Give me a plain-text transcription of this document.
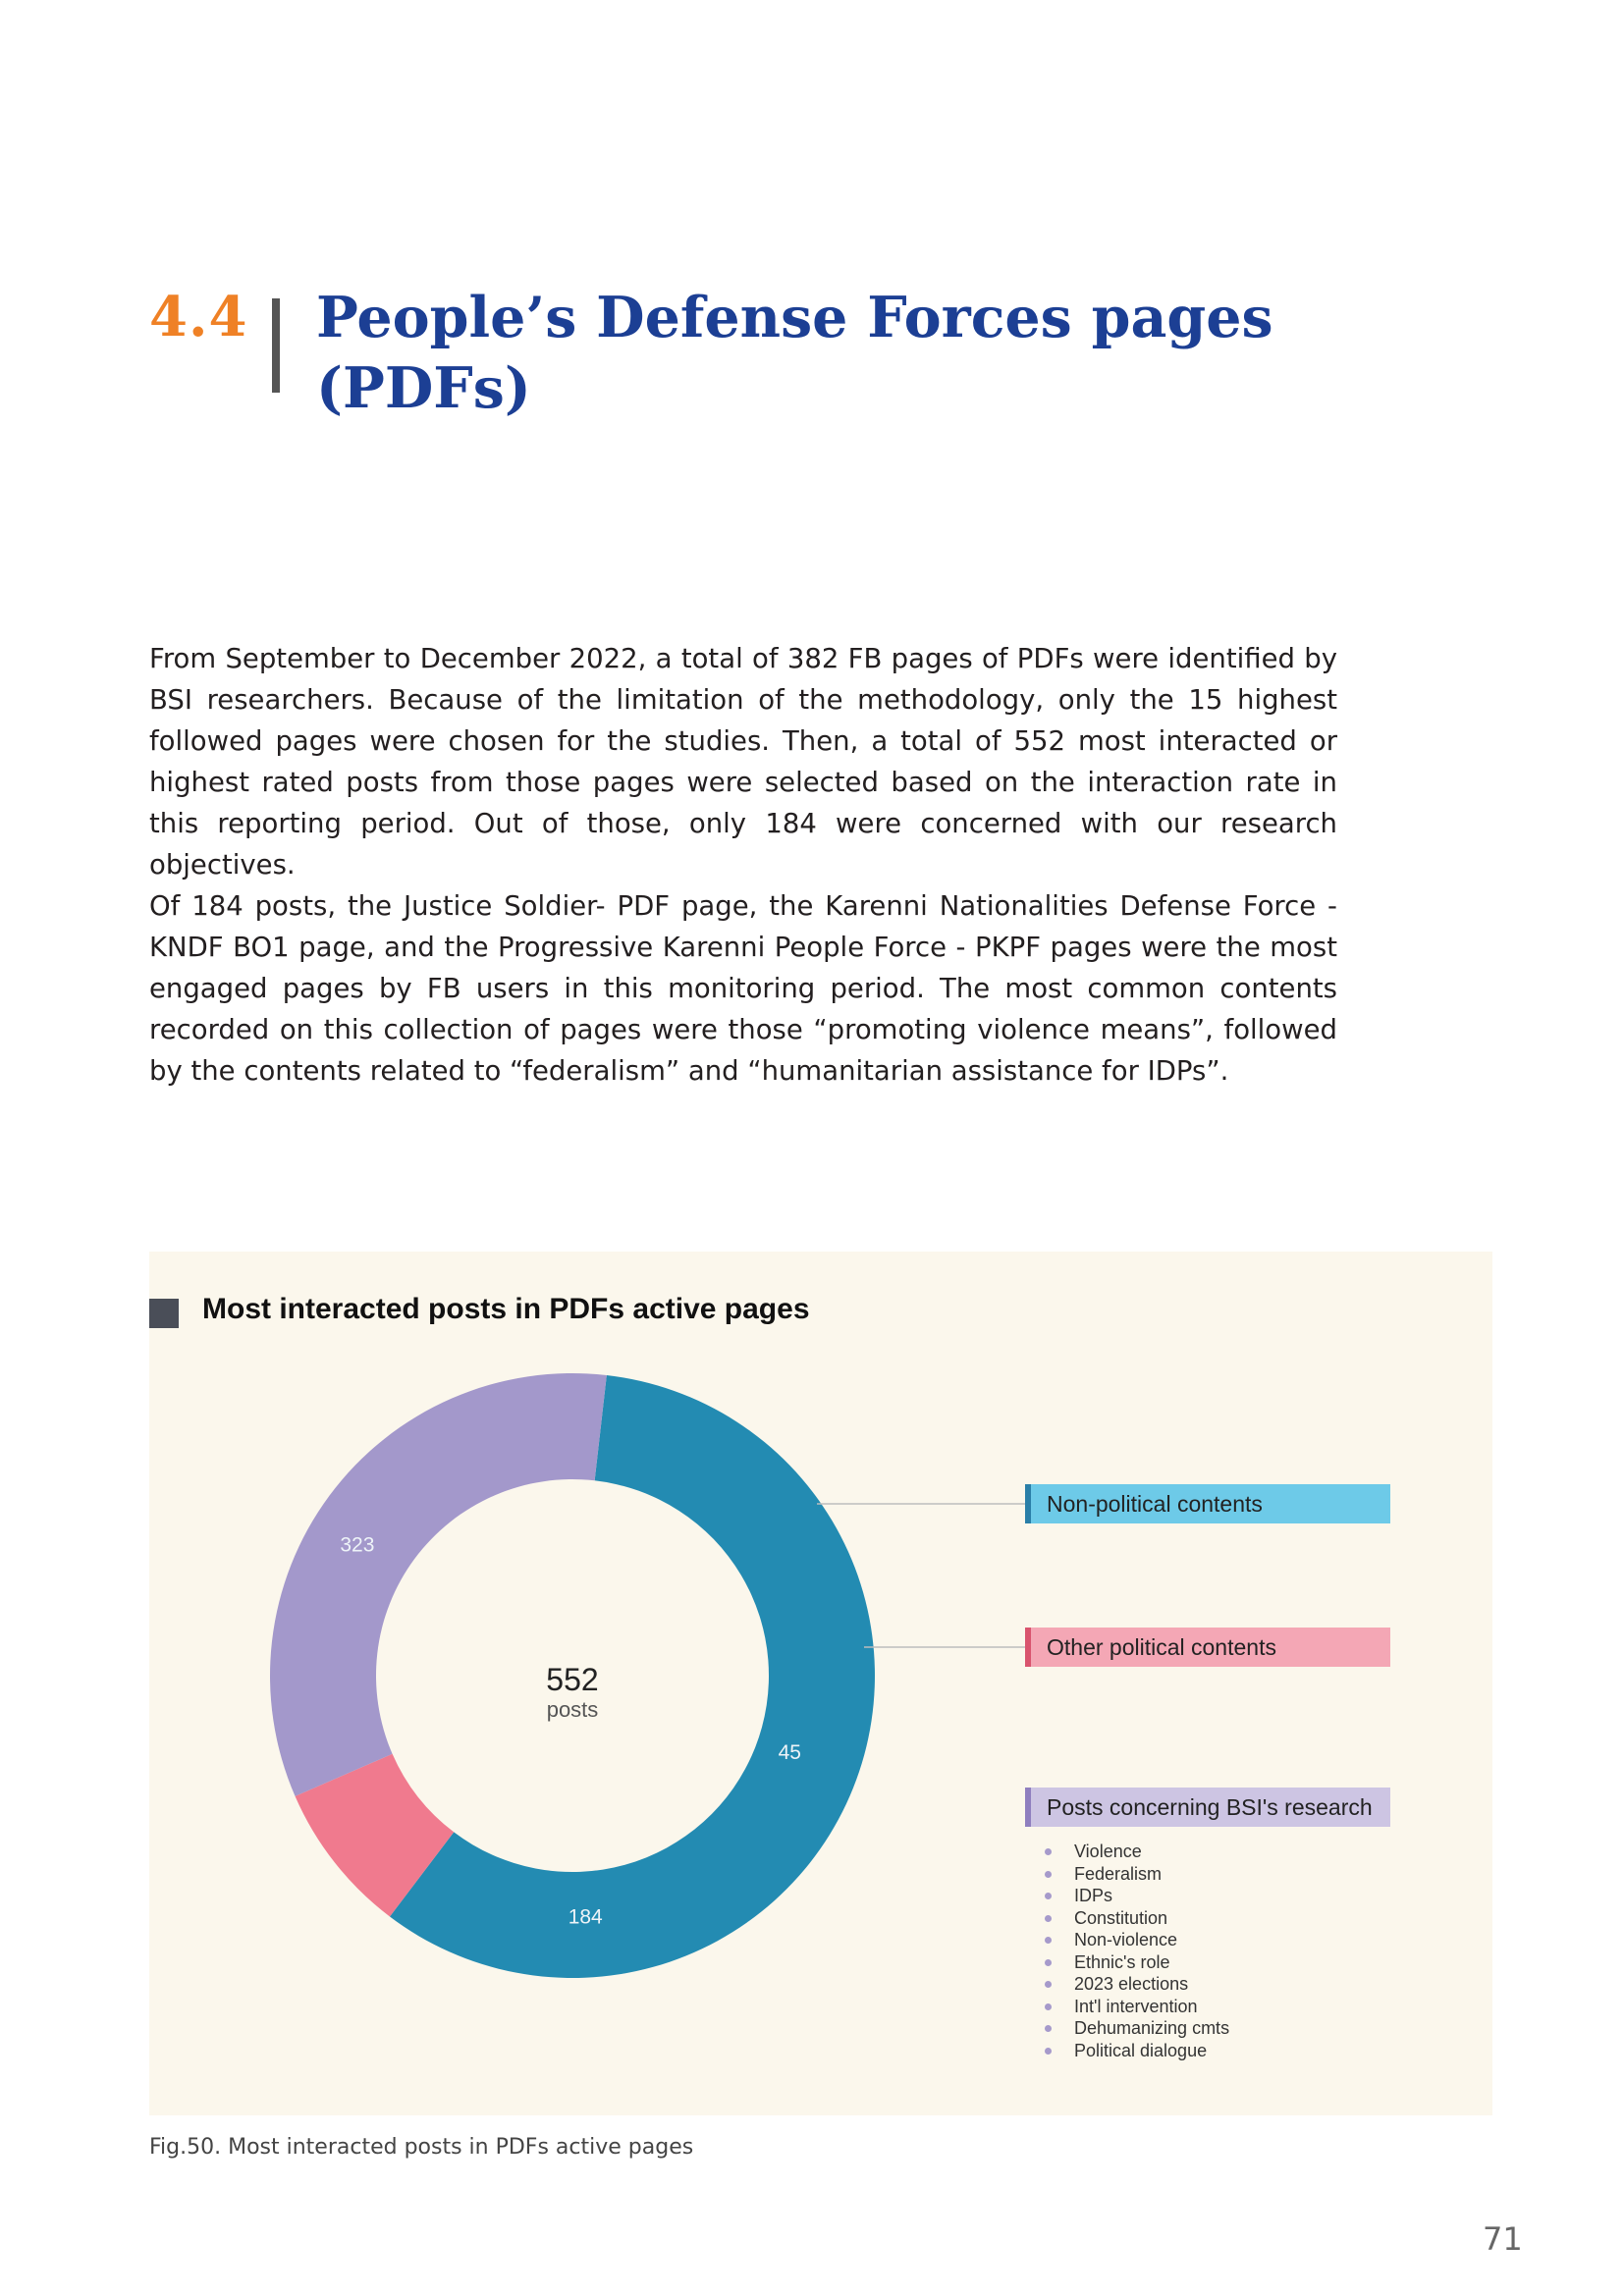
4.4 People’s Defense Forces pages (PDFs)

From September to December 2022, a total of 382 FB pages of PDFs were identified by BSI researchers. Because of the limitation of the methodology, only the 15 highest followed pages were chosen for the studies. Then, a total of 552 most interacted or highest rated posts from those pages were selected based on the interaction rate in this reporting period. Out of those, only 184 were concerned with our research objectives.

Of 184 posts, the Justice Soldier- PDF page, the Karenni Nationalities Defense Force - KNDF BO1 page, and the Progressive Karenni People Force - PKPF pages were the most engaged pages by FB users in this monitoring period. The most common contents recorded on this collection of pages were those “promoting violence means”, followed by the contents related to “federalism” and “humanitarian assistance for IDPs”.

Most interacted posts in PDFs active pages
323
45
184
552
posts
Non-political contents
Other political contents
Posts concerning BSI's research
Violence
Federalism
IDPs
Constitution
Non-violence
Ethnic's role
2023 elections
Int'l intervention
Dehumanizing cmts
Political dialogue
Fig.50. Most interacted posts in PDFs active pages
71
